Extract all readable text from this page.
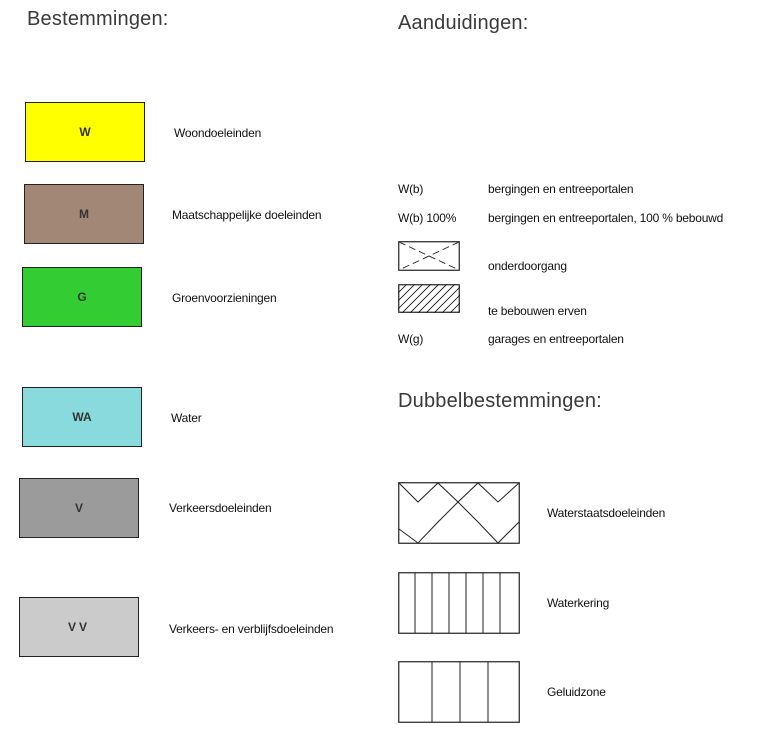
Bestemmingen:	Aanduidingen:
Dubbelbestemmingen:
W	Woondoeleinden
M	Maatschappelijke doeleinden
G	Groenvoorzieningen
WA	Water
V	Verkeersdoeleinden
VV	Verkeers- en verblijfsdoeleinden
W(b)	bergingen en entreeportalen
W(b) 100%	bergingen en entreeportalen, 100 % bebouwd
onderdoorgang
te bebouwen erven
W(g)	garages en entreeportalen
Waterstaatsdoeleinden
Waterkering
Geluidzone
